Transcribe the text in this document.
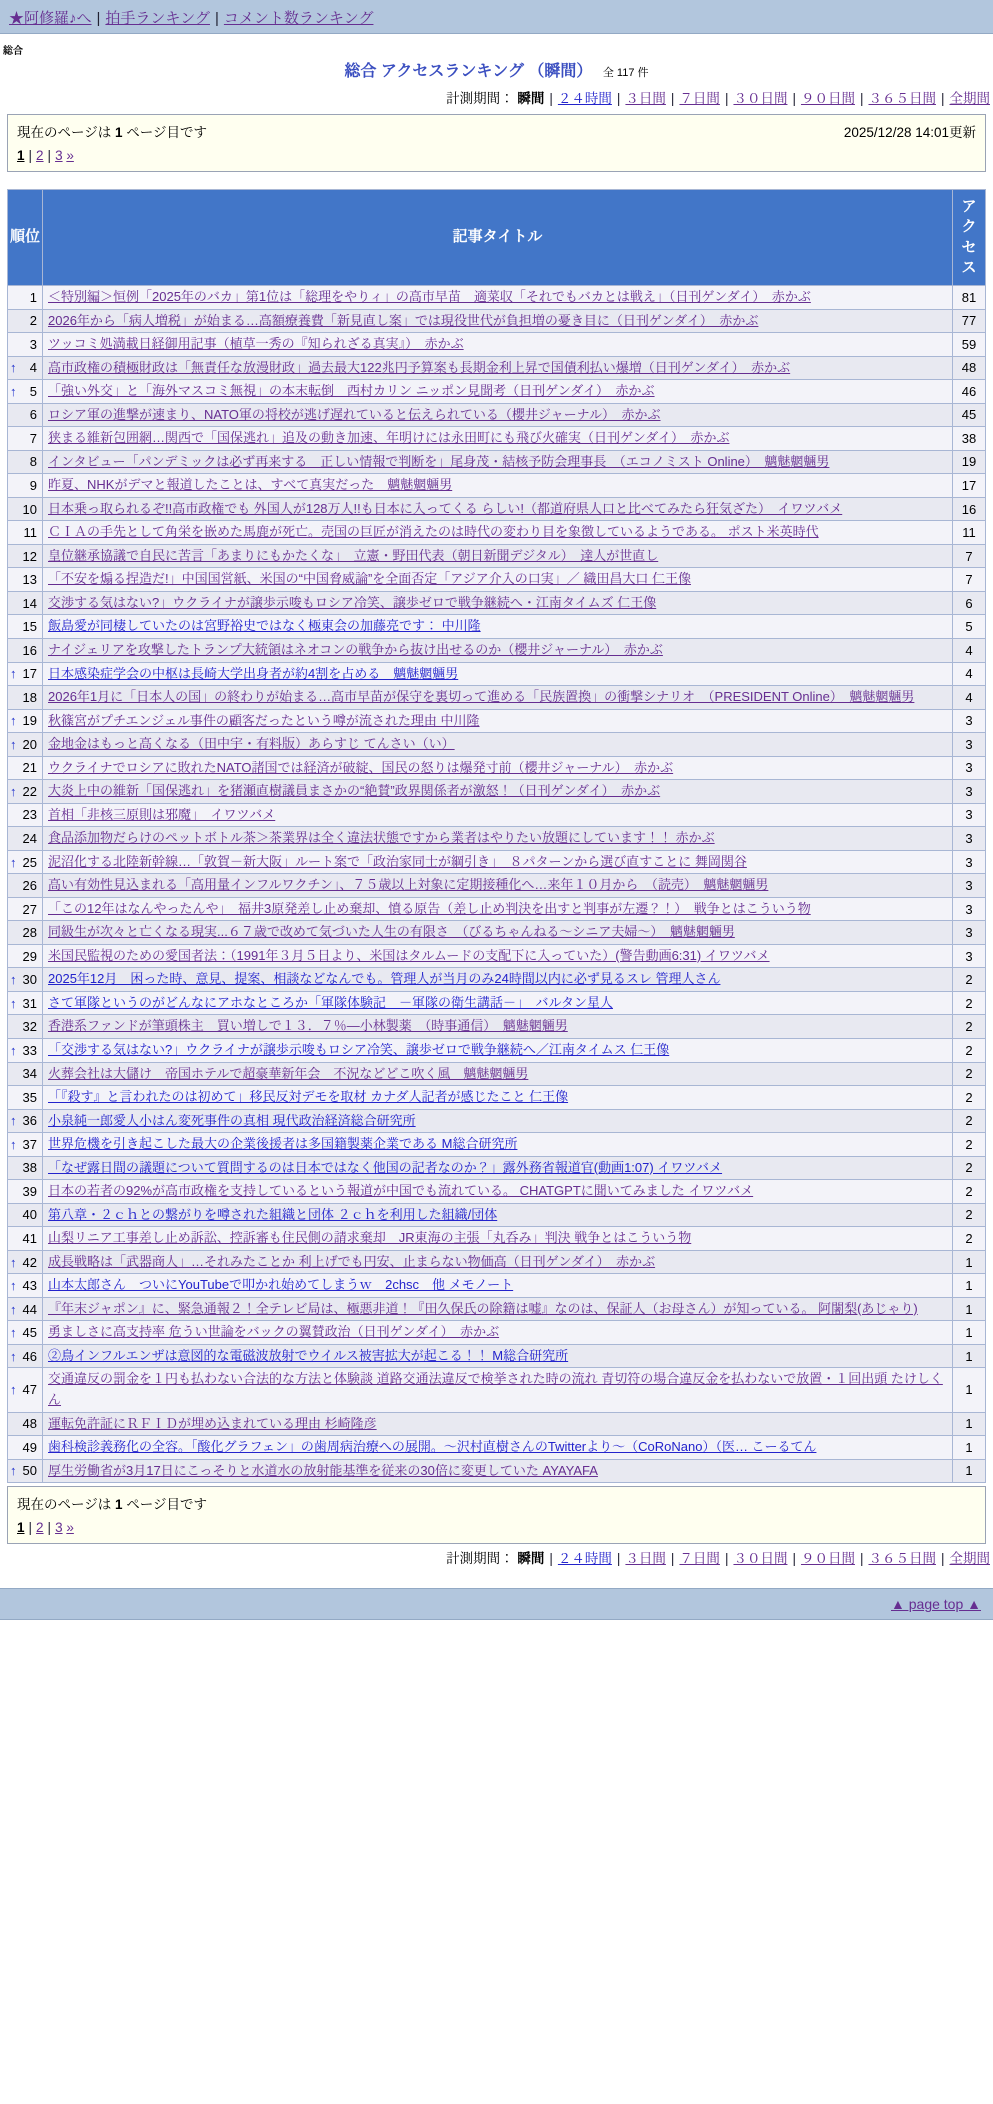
★阿修羅♪へ | 拍手ランキング | コメント数ランキング
総合
総合 アクセスランキング （瞬間） 全 117 件
計測期間： 瞬間 | ２４時間 | ３日間 | ７日間 | ３０日間 | ９０日間 | ３６５日間 | 全期間
現在のページは 1 ページ目です	2025/12/28 14:01更新
1 | 2 | 3 »
順位	記事タイトル	アクセス
1	＜特別編＞恒例「2025年のバカ」第1位は「総理をやりィ」の高市早苗　適菜収「それでもバカとは戦え」（日刊ゲンダイ）　赤かぶ	81
2	2026年から「病人増税」が始まる…高額療養費「新見直し案」では現役世代が負担増の憂き目に（日刊ゲンダイ）　赤かぶ	77
3	ツッコミ処満載日経御用記事（植草一秀の『知られざる真実』）　赤かぶ	59

↑ 4	高市政権の積極財政は「無責任な放漫財政」過去最大122兆円予算案も長期金利上昇で国債利払い爆増（日刊ゲンダイ）　赤かぶ	48

↑ 5	「強い外交」と「海外マスコミ無視」の本末転倒　西村カリン ニッポン見聞考（日刊ゲンダイ）　赤かぶ	46
6	ロシア軍の進撃が速まり、NATO軍の将校が逃げ遅れていると伝えられている（櫻井ジャーナル）　赤かぶ	45
7	狭まる維新包囲網…関西で「国保逃れ」追及の動き加速、年明けには永田町にも飛び火確実（日刊ゲンダイ）　赤かぶ	38
8	インタビュー「パンデミックは必ず再来する　正しい情報で判断を」尾身茂・結核予防会理事長　（エコノミスト Online）　魑魅魍魎男	19
9	昨夏、NHKがデマと報道したことは、すべて真実だった　魑魅魍魎男	17
10	日本乗っ取られるぞ!!高市政権でも 外国人が128万人!!も日本に入ってくる らしい!（都道府県人口と比べてみたら狂気ざた）　イワツバメ	16
11	ＣＩＡの手先として角栄を嵌めた馬鹿が死亡。売国の巨匠が消えたのは時代の変わり目を象徴しているようである。 ポスト米英時代	11
12	皇位継承協議で自民に苦言「あまりにもかたくな」　立憲・野田代表（朝日新聞デジタル）　達人が世直し	7
13	「不安を煽る捏造だ!」中国国営紙、米国の“中国脅威論”を全面否定「アジア介入の口実」／ 織田昌大口 仁王像	7
14	交渉する気はない?」ウクライナが譲歩示唆もロシア冷笑、譲歩ゼロで戦争継続へ・江南タイムズ 仁王像	6
15	飯島愛が同棲していたのは宮野裕史ではなく極東会の加藤亮です： 中川隆	5
16	ナイジェリアを攻撃したトランプ大統領はネオコンの戦争から抜け出せるのか（櫻井ジャーナル）　赤かぶ	4

↑ 17	日本感染症学会の中枢は長崎大学出身者が約4割を占める　魑魅魍魎男	4
18	2026年1月に「日本人の国」の終わりが始まる…高市早苗が保守を裏切って進める「民族置換」の衝撃シナリオ　（PRESIDENT Online）　魑魅魍魎男	4

↑ 19	秋篠宮がプチエンジェル事件の顧客だったという噂が流された理由 中川隆	3

↑ 20	金地金はもっと高くなる（田中宇・有料版）あらすじ てんさい（い）	3
21	ウクライナでロシアに敗れたNATO諸国では経済が破綻、国民の怒りは爆発寸前（櫻井ジャーナル）　赤かぶ	3

↑ 22	大炎上中の維新「国保逃れ」を猪瀬直樹議員まさかの“絶賛”政界関係者が激怒！（日刊ゲンダイ）　赤かぶ	3
23	首相「非核三原則は邪魔」　イワツバメ	3
24	食品添加物だらけのペットボトル茶＞茶業界は全く違法状態ですから業者はやりたい放題にしています！！ 赤かぶ	3

↑ 25	泥沼化する北陸新幹線…「敦賀－新大阪」ルート案で「政治家同士が綱引き」　８パターンから選び直すことに 舞岡関谷	3
26	高い有効性見込まれる「高用量インフルワクチン」、７５歳以上対象に定期接種化へ…来年１０月から　（読売）　魑魅魍魎男	3
27	「この12年はなんやったんや」　福井3原発差し止め棄却、憤る原告（差し止め判決を出すと判事が左遷？！）　戦争とはこういう物	3
28	同級生が次々と亡くなる現実...６７歳で改めて気づいた人生の有限さ　（びるちゃんねる～シニア夫婦～）　魑魅魍魎男	3
29	米国民監視のための愛国者法：（1991年３月５日より、米国はタルムードの支配下に入っていた）(警告動画6:31) イワツバメ	3

↑ 30	2025年12月　困った時、意見、提案、相談などなんでも。管理人が当月のみ24時間以内に必ず見るスレ 管理人さん	2

↑ 31	さて軍隊というのがどんなにアホなところか「軍隊体験記　－軍隊の衛生講話－」　バルタン星人	2
32	香港系ファンドが筆頭株主　買い増しで１３．７％—小林製薬　（時事通信）　魑魅魍魎男	2

↑ 33	「交渉する気はない?」ウクライナが譲歩示唆もロシア冷笑、譲歩ゼロで戦争継続へ／江南タイムス 仁王像	2
34	火葬会社は大儲け　帝国ホテルで超豪華新年会　不況などどこ吹く風　魑魅魍魎男	2
35	「『殺す』と言われたのは初めて」移民反対デモを取材 カナダ人記者が感じたこと 仁王像	2

↑ 36	小泉純一郎愛人小はん変死事件の真相 現代政治経済総合研究所	2

↑ 37	世界危機を引き起こした最大の企業後援者は多国籍製薬企業である M総合研究所	2
38	「なぜ露日間の議題について質問するのは日本ではなく他国の記者なのか？」露外務省報道官(動画1:07) イワツバメ	2
39	日本の若者の92%が高市政権を支持しているという報道が中国でも流れている。 CHATGPTに聞いてみました イワツバメ	2
40	第八章・２ｃｈとの繋がりを噂された組織と団体 ２ｃｈを利用した組織/団体	2
41	山梨リニア工事差し止め訴訟、控訴審も住民側の請求棄却　JR東海の主張「丸呑み」判決 戦争とはこういう物	2

↑ 42	成長戦略は「武器商人」…それみたことか 利上げでも円安、止まらない物価高（日刊ゲンダイ）　赤かぶ	1

↑ 43	山本太郎さん　ついにYouTubeで叩かれ始めてしまうｗ　2chsc　他 メモノート	1

↑ 44	『年末ジャポン』に、緊急通報２！全テレビ局は、極悪非道！『田久保氏の除籍は嘘』なのは、保証人（お母さん）が知っている。 阿闍梨(あじゃり)	1

↑ 45	勇ましさに高支持率 危うい世論をバックの翼賛政治（日刊ゲンダイ）　赤かぶ	1

↑ 46	②鳥インフルエンザは意図的な電磁波放射でウイルス被害拡大が起こる！！ M総合研究所	1

↑ 47	交通違反の罰金を１円も払わない合法的な方法と体験談 道路交通法違反で検挙された時の流れ 青切符の場合違反金を払わないで放置・１回出頭 たけしくん	1
48	運転免許証にＲＦＩＤが埋め込まれている理由 杉崎隆彦	1
49	歯科検診義務化の全容。「酸化グラフェン」の歯周病治療への展開。～沢村直樹さんのTwitterより～（CoRoNano）（医… こーるてん	1

↑ 50	厚生労働省が3月17日にこっそりと水道水の放射能基準を従来の30倍に変更していた AYAYAFA	1
現在のページは 1 ページ目です
1 | 2 | 3 »
計測期間： 瞬間 | ２４時間 | ３日間 | ７日間 | ３０日間 | ９０日間 | ３６５日間 | 全期間
▲ page top ▲
